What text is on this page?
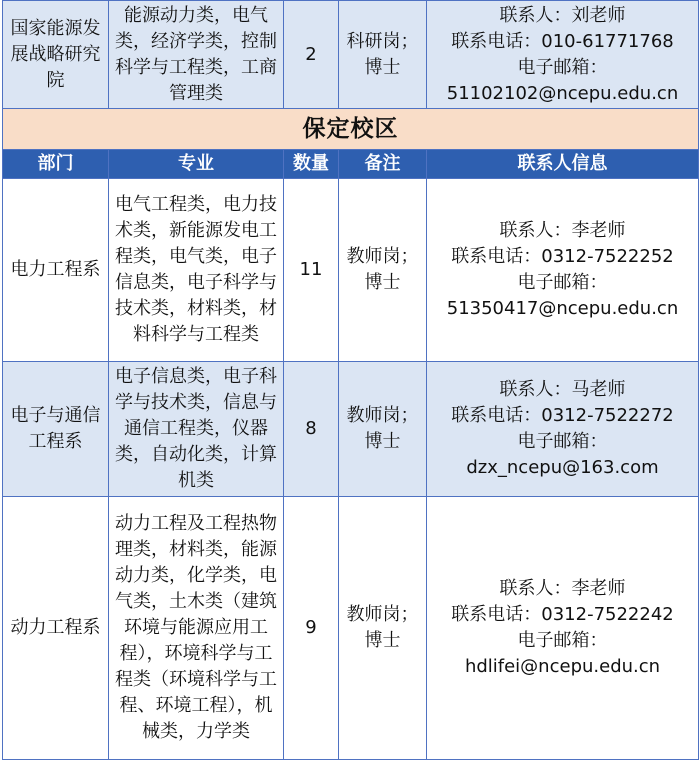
国家能源发展战略研究院	能源动力类，电气类，经济学类，控制科学与工程类，工商管理类	2	科研岗；博士	联系人：刘老师
联系电话：010-61771768
电子邮箱：
51102102@ncepu.edu.cn

保定校区				
部门	专业	数量	备注	联系人信息
电力工程系	电气工程类，电力技术类，新能源发电工程类，电气类，电子信息类，电子科学与技术类，材料类，材料科学与工程类	11	教师岗；博士	联系人：李老师
联系电话：0312-7522252
电子邮箱：
51350417@ncepu.edu.cn

电子与通信工程系	电子信息类，电子科学与技术类，信息与通信工程类，仪器类，自动化类，计算机类	8	教师岗；博士	联系人：马老师
联系电话：0312-7522272
电子邮箱：
dzx_ncepu@163.com

动力工程系	动力工程及工程热物理类，材料类，能源动力类，化学类，电气类，土木类（建筑环境与能源应用工程），环境科学与工程类（环境科学与工程、环境工程），机械类，力学类	9	教师岗；博士	联系人：李老师
联系电话：0312-7522242
电子邮箱：
hdlifei@ncepu.edu.cn
